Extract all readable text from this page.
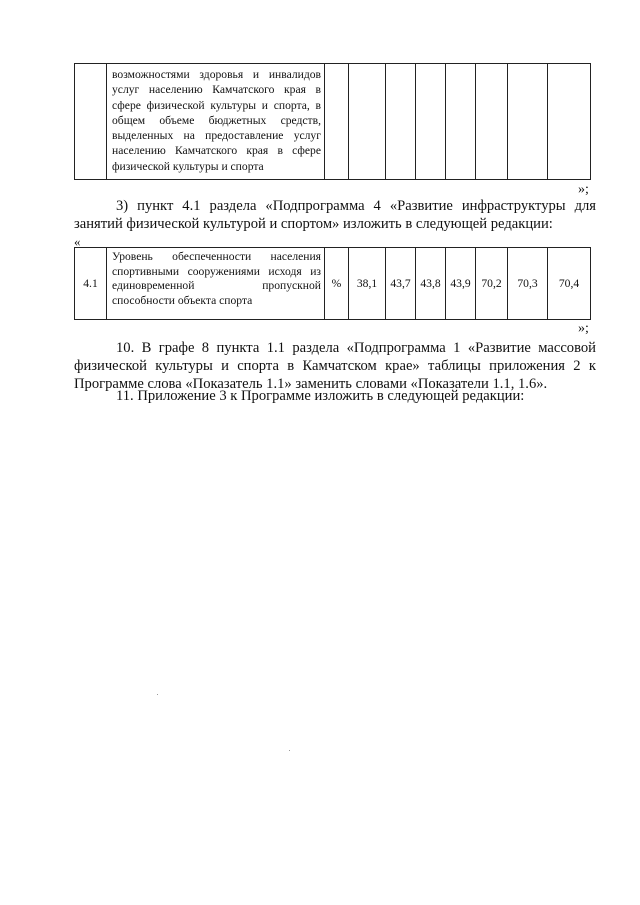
	возможностями здоровья и инвалидов услуг населению Камчатского края в сфере физической культуры и спорта, в общем объеме бюджетных средств, выделенных на предоставление услуг населению Камчатского края в сфере физической культуры и спорта								
»;

3) пункт 4.1 раздела «Подпрограмма 4 «Развитие инфраструктуры для занятий физической культурой и спортом» изложить в следующей редакции:

«
4.1	Уровень обеспеченности населения спортивными сооружениями исходя из единовременной пропускной способности объекта спорта	%	38,1	43,7	43,8	43,9	70,2	70,3	70,4
»;

10. В графе 8 пункта 1.1 раздела «Подпрограмма 1 «Развитие массовой физической культуры и спорта в Камчатском крае» таблицы приложения 2 к Программе слова «Показатель 1.1» заменить словами «Показатели 1.1, 1.6».

11. Приложение 3 к Программе изложить в следующей редакции:
